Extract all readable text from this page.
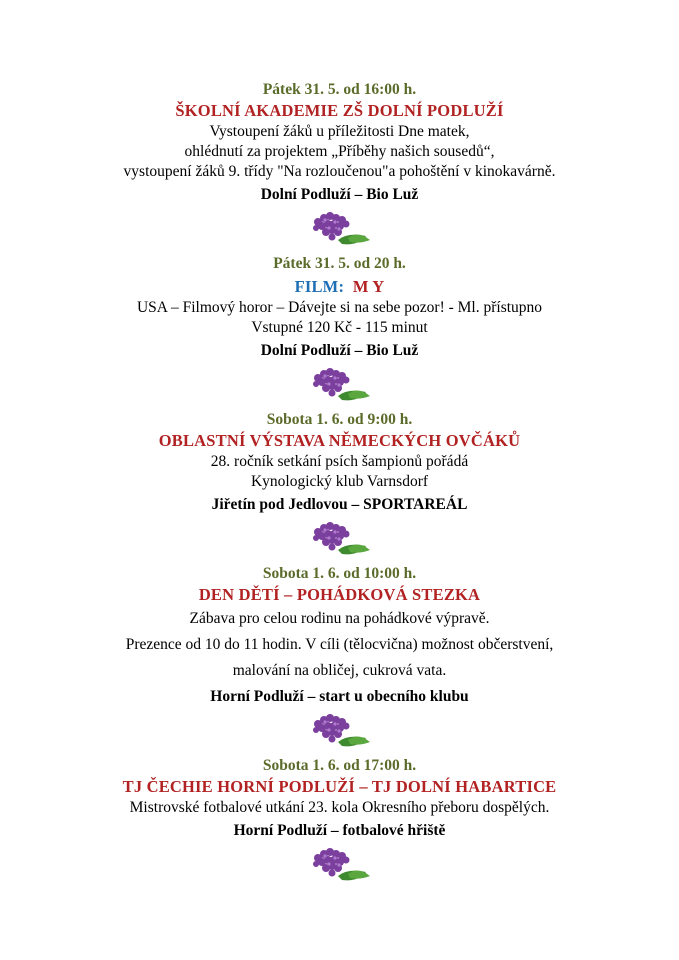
Pátek 31. 5. od 16:00 h.
ŠKOLNÍ AKADEMIE ZŠ DOLNÍ PODLUŽÍ
Vystoupení žáků u příležitosti Dne matek,
ohlédnutí za projektem „Příběhy našich sousedů“,
vystoupení žáků 9. třídy "Na rozloučenou"a pohoštění v kinokavárně.
Dolní Podluží – Bio Luž
Pátek 31. 5. od 20 h.
FILM: M Y
USA – Filmový horor – Dávejte si na sebe pozor! - Ml. přístupno
Vstupné 120 Kč - 115 minut
Dolní Podluží – Bio Luž
Sobota 1. 6. od 9:00 h.
OBLASTNÍ VÝSTAVA NĚMECKÝCH OVČÁKŮ
28. ročník setkání psích šampionů pořádá
Kynologický klub Varnsdorf
Jiřetín pod Jedlovou – SPORTAREÁL
Sobota 1. 6. od 10:00 h.
DEN DĚTÍ – POHÁDKOVÁ STEZKA
Zábava pro celou rodinu na pohádkové výpravě.
Prezence od 10 do 11 hodin. V cíli (tělocvična) možnost občerstvení,
malování na obličej, cukrová vata.
Horní Podluží – start u obecního klubu
Sobota 1. 6. od 17:00 h.
TJ ČECHIE HORNÍ PODLUŽÍ – TJ DOLNÍ HABARTICE
Mistrovské fotbalové utkání 23. kola Okresního přeboru dospělých.
Horní Podluží – fotbalové hřiště
